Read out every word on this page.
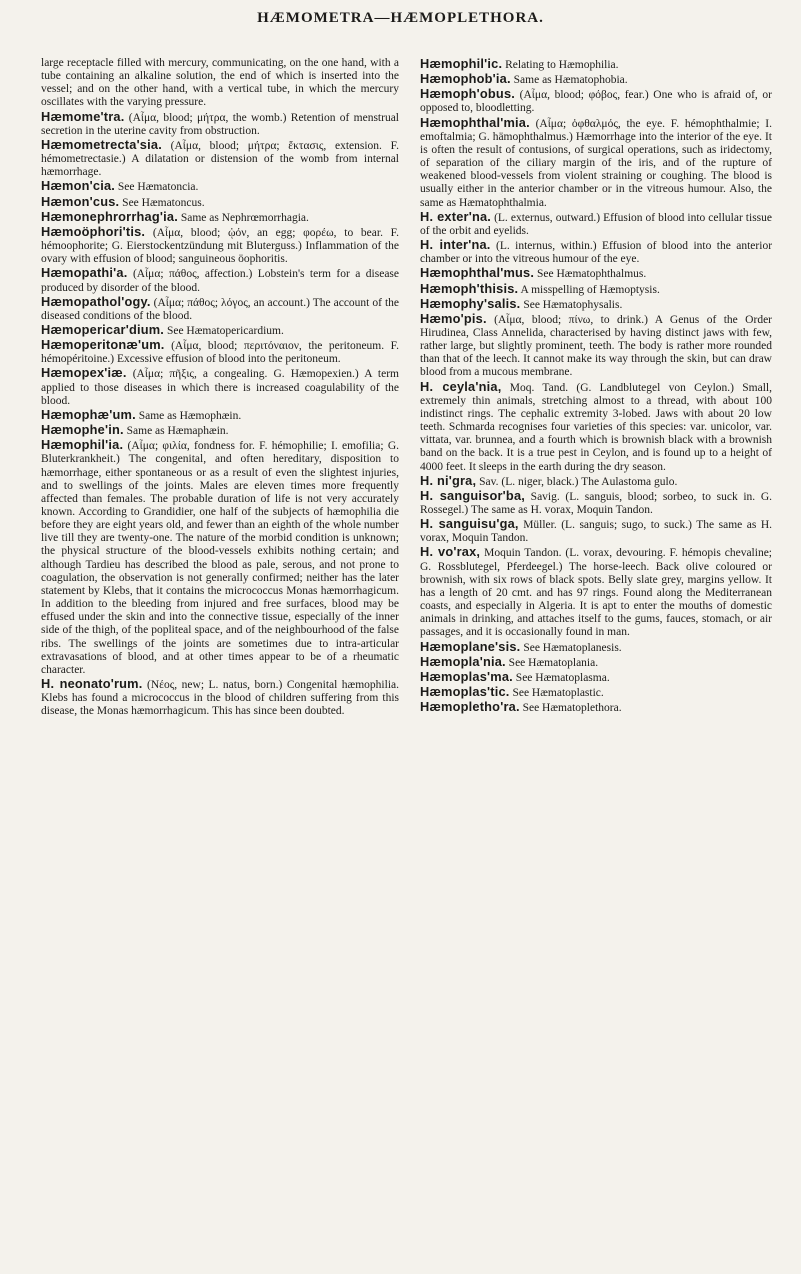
HÆMOMETRA—HÆMOPLETHORA.

large receptacle filled with mercury, communicating, on the one hand, with a tube containing an alkaline solution, the end of which is inserted into the vessel; and on the other hand, with a vertical tube, in which the mercury oscillates with the varying pressure.

Hæmome'tra. (Αἷμα, blood; μήτρα, the womb.) Retention of menstrual secretion in the uterine cavity from obstruction.

Hæmometrecta'sia. (Αἷμα, blood; μήτρα; ἔκτασις, extension. F. hémometrectasie.) A dilatation or distension of the womb from internal hæmorrhage.

Hæmon'cia. See Hæmatoncia.

Hæmon'cus. See Hæmatoncus.

Hæmonephrorrhag'ia. Same as Nephrœmorrhagia.

Hæmoöphori'tis. (Αἷμα, blood; ᾠόν, an egg; φορέω, to bear. F. hémoophorite; G. Eierstockentzündung mit Bluterguss.) Inflammation of the ovary with effusion of blood; sanguineous öophoritis.

Hæmopathi'a. (Αἷμα; πάθος, affection.) Lobstein's term for a disease produced by disorder of the blood.

Hæmopathol'ogy. (Αἷμα; πάθος; λόγος, an account.) The account of the diseased conditions of the blood.

Hæmopericar'dium. See Hæmatopericardium.

Hæmoperitonæ'um. (Αἷμα, blood; περιτόναιον, the peritoneum. F. hémopéritoine.) Excessive effusion of blood into the peritoneum.

Hæmopex'iæ. (Αἷμα; πῆξις, a congealing. G. Hæmopexien.) A term applied to those diseases in which there is increased coagulability of the blood.

Hæmophæ'um. Same as Hæmophæin.

Hæmophe'in. Same as Hæmaphæin.

Hæmophil'ia. (Αἷμα; φιλία, fondness for. F. hémophilie; I. emofilia; G. Bluterkrankheit.) The congenital, and often hereditary, disposition to hæmorrhage, either spontaneous or as a result of even the slightest injuries, and to swellings of the joints. Males are eleven times more frequently affected than females. The probable duration of life is not very accurately known. According to Grandidier, one half of the subjects of hæmophilia die before they are eight years old, and fewer than an eighth of the whole number live till they are twenty-one. The nature of the morbid condition is unknown; the physical structure of the blood-vessels exhibits nothing certain; and although Tardieu has described the blood as pale, serous, and not prone to coagulation, the observation is not generally confirmed; neither has the later statement by Klebs, that it contains the micrococcus Monas hæmorrhagicum. In addition to the bleeding from injured and free surfaces, blood may be effused under the skin and into the connective tissue, especially of the inner side of the thigh, of the popliteal space, and of the neighbourhood of the false ribs. The swellings of the joints are sometimes due to intra-articular extravasations of blood, and at other times appear to be of a rheumatic character.

H. neonato'rum. (Νέος, new; L. natus, born.) Congenital hæmophilia. Klebs has found a micrococcus in the blood of children suffering from this disease, the Monas hæmorrhagicum. This has since been doubted.

Hæmophil'ic. Relating to Hæmophilia.

Hæmophob'ia. Same as Hæmatophobia.

Hæmoph'obus. (Αἷμα, blood; φόβος, fear.) One who is afraid of, or opposed to, bloodletting.

Hæmophthal'mia. (Αἷμα; ὀφθαλμός, the eye. F. hémophthalmie; I. emoftalmia; G. hämophthalmus.) Hæmorrhage into the interior of the eye. It is often the result of contusions, of surgical operations, such as iridectomy, of separation of the ciliary margin of the iris, and of the rupture of weakened blood-vessels from violent straining or coughing. The blood is usually either in the anterior chamber or in the vitreous humour. Also, the same as Hæmatophthalmia.

H. exter'na. (L. externus, outward.) Effusion of blood into cellular tissue of the orbit and eyelids.

H. inter'na. (L. internus, within.) Effusion of blood into the anterior chamber or into the vitreous humour of the eye.

Hæmophthal'mus. See Hæmatophthalmus.

Hæmoph'thisis. A misspelling of Hæmoptysis.

Hæmophy'salis. See Hæmatophysalis.

Hæmo'pis. (Αἷμα, blood; πίνω, to drink.) A Genus of the Order Hirudinea, Class Annelida, characterised by having distinct jaws with few, rather large, but slightly prominent, teeth. The body is rather more rounded than that of the leech. It cannot make its way through the skin, but can draw blood from a mucous membrane.

H. ceyla'nia, Moq. Tand. (G. Landblutegel von Ceylon.) Small, extremely thin animals, stretching almost to a thread, with about 100 indistinct rings. The cephalic extremity 3-lobed. Jaws with about 20 low teeth. Schmarda recognises four varieties of this species: var. unicolor, var. vittata, var. brunnea, and a fourth which is brownish black with a brownish band on the back. It is a true pest in Ceylon, and is found up to a height of 4000 feet. It sleeps in the earth during the dry season.

H. ni'gra, Sav. (L. niger, black.) The Aulastoma gulo.

H. sanguisor'ba, Savig. (L. sanguis, blood; sorbeo, to suck in. G. Rossegel.) The same as H. vorax, Moquin Tandon.

H. sanguisu'ga, Müller. (L. sanguis; sugo, to suck.) The same as H. vorax, Moquin Tandon.

H. vo'rax, Moquin Tandon. (L. vorax, devouring. F. hémopis chevaline; G. Rossblutegel, Pferdeegel.) The horse-leech. Back olive coloured or brownish, with six rows of black spots. Belly slate grey, margins yellow. It has a length of 20 cmt. and has 97 rings. Found along the Mediterranean coasts, and especially in Algeria. It is apt to enter the mouths of domestic animals in drinking, and attaches itself to the gums, fauces, stomach, or air passages, and it is occasionally found in man.

Hæmoplane'sis. See Hæmatoplanesis.

Hæmopla'nia. See Hæmatoplania.

Hæmoplas'ma. See Hæmatoplasma.

Hæmoplas'tic. See Hæmatoplastic.

Hæmopletho'ra. See Hæmatoplethora.
